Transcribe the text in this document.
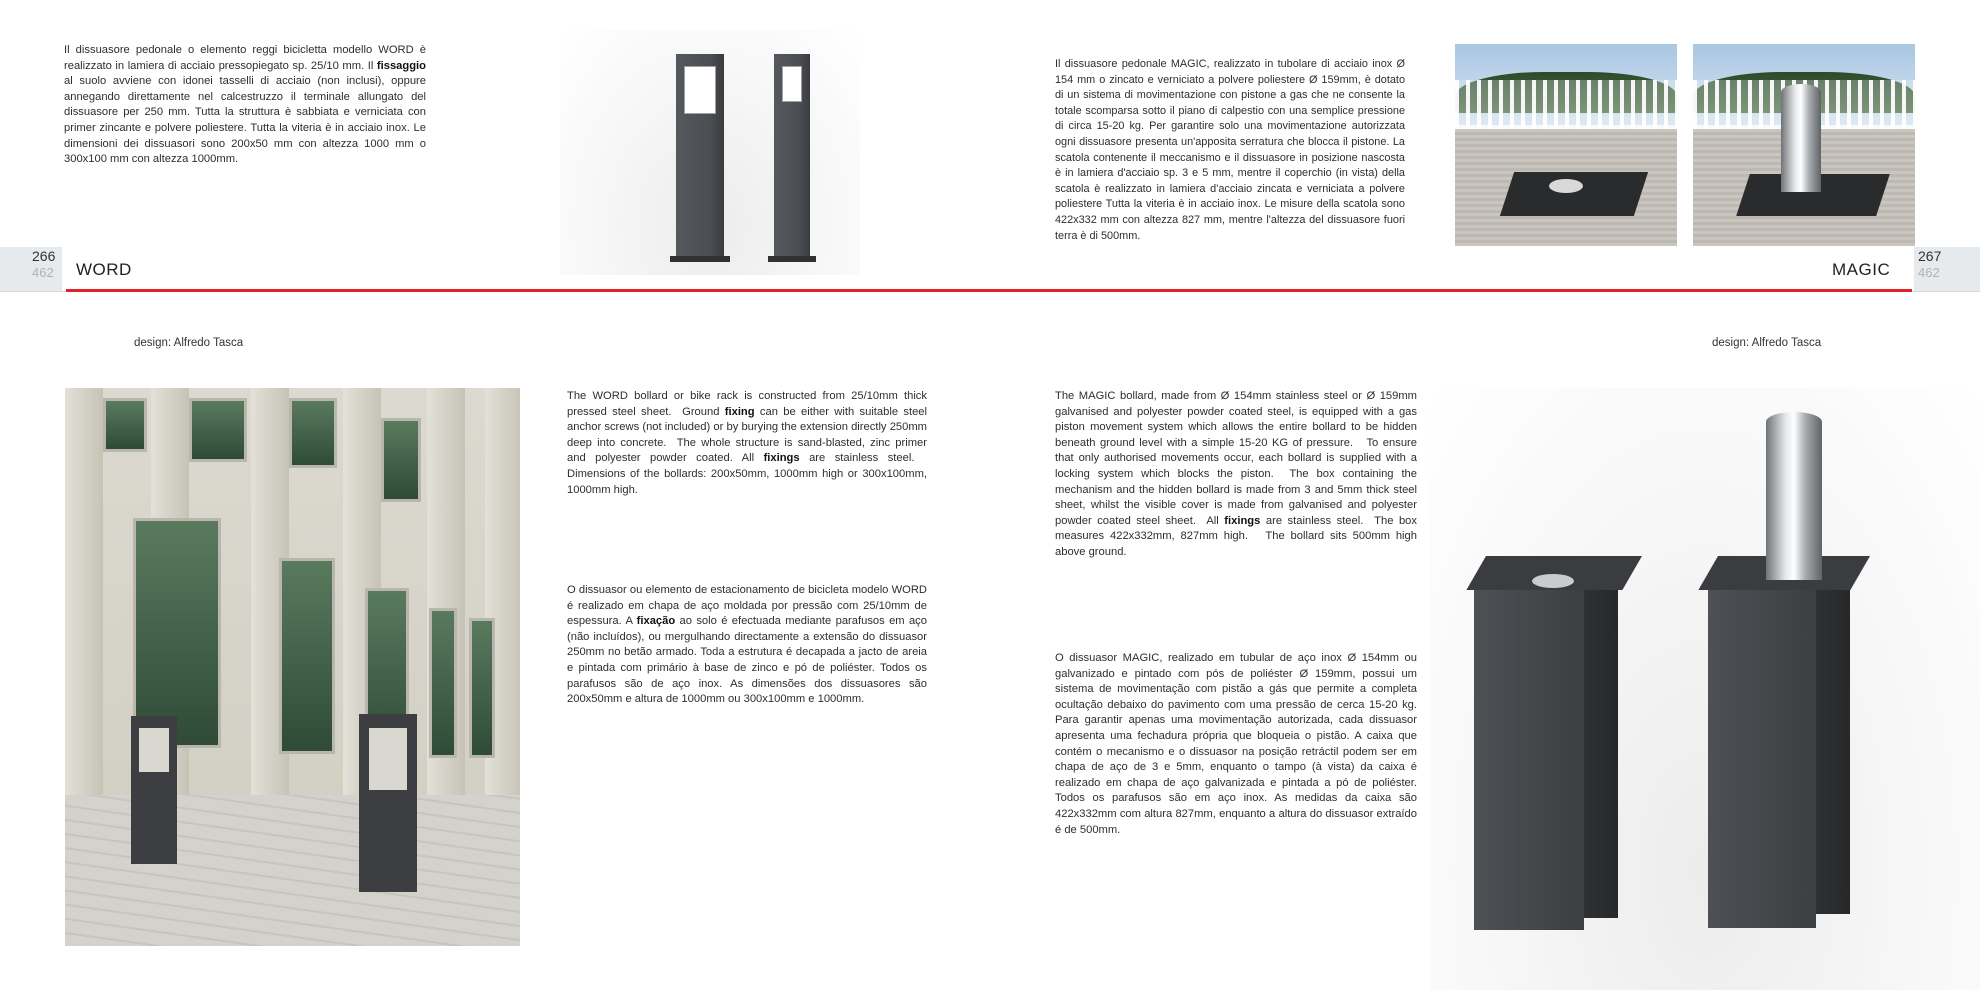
Il dissuasore pedonale o elemento reggi bicicletta modello WORD è realizzato in lamiera di acciaio pressopiegato sp. 25/10 mm. Il fissaggio al suolo avviene con idonei tasselli di acciaio (non inclusi), oppure annegando direttamente nel calcestruzzo il terminale allungato del dissuasore per 250 mm. Tutta la struttura è sabbiata e verniciata con primer zincante e polvere poliestere. Tutta la viteria è in acciaio inox. Le dimensioni dei dissuasori sono 200x50 mm con altezza 1000 mm o 300x100 mm con altezza 1000mm.
266
462 WORD
design: Alfredo Tasca
The WORD bollard or bike rack is constructed from 25/10mm thick pressed steel sheet.  Ground fixing can be either with suitable steel anchor screws (not included) or by burying the extension directly 250mm deep into concrete.  The whole structure is sand-blasted, zinc primer and polyester powder coated. All fixings are stainless steel.   Dimensions of the bollards: 200x50mm, 1000mm high or 300x100mm, 1000mm high.
O dissuasor ou elemento de estacionamento de bicicleta modelo WORD é realizado em chapa de aço moldada por pressão com 25/10mm de espessura. A fixação ao solo é efectuada mediante parafusos em aço (não incluídos), ou mergulhando directamente a extensão do dissuasor 250mm no betão armado. Toda a estrutura é decapada a jacto de areia e pintada com primário à base de zinco e pó de poliéster. Todos os parafusos são de aço inox. As dimensões dos dissuasores são 200x50mm e altura de 1000mm ou 300x100mm e 1000mm.
Il dissuasore pedonale MAGIC, realizzato in tubolare di acciaio inox Ø 154 mm o zincato e verniciato a polvere poliestere Ø 159mm, è dotato di un sistema di movimentazione con pistone a gas che ne consente la totale scomparsa sotto il piano di calpestio con una semplice pressione di circa 15-20 kg. Per garantire solo una movimentazione autorizzata ogni dissuasore presenta un'apposita serratura che blocca il pistone. La scatola contenente il meccanismo e il dissuasore in posizione nascosta è in lamiera d'acciaio sp. 3 e 5 mm, mentre il coperchio (in vista) della scatola è realizzato in lamiera d'acciaio zincata e verniciata a polvere poliestere Tutta la viteria è in acciaio inox. Le misure della scatola sono 422x332 mm con altezza 827 mm, mentre l'altezza del dissuasore fuori terra è di 500mm.
MAGIC
267
462
design: Alfredo Tasca
The MAGIC bollard, made from Ø 154mm stainless steel or Ø 159mm galvanised and polyester powder coated steel, is equipped with a gas piston movement system which allows the entire bollard to be hidden beneath ground level with a simple 15-20 KG of pressure.   To ensure that only authorised movements occur, each bollard is supplied with a locking system which blocks the piston.  The box containing the mechanism and the hidden bollard is made from 3 and 5mm thick steel sheet, whilst the visible cover is made from galvanised and polyester powder coated steel sheet.  All fixings are stainless steel.  The box measures 422x332mm, 827mm high.   The bollard sits 500mm high above ground.
O dissuasor MAGIC, realizado em tubular de aço inox Ø 154mm ou galvanizado e pintado com pós de poliéster Ø 159mm, possui um sistema de movimentação com pistão a gás que permite a completa ocultação debaixo do pavimento com uma pressão de cerca 15-20 kg. Para garantir apenas uma movimentação autorizada, cada dissuasor apresenta uma fechadura própria que bloqueia o pistão. A caixa que contém o mecanismo e o dissuasor na posição retráctil podem ser em chapa de aço de 3 e 5mm, enquanto o tampo (à vista) da caixa é realizado em chapa de aço galvanizada e pintada a pó de poliéster. Todos os parafusos são em aço inox. As medidas da caixa são 422x332mm com altura 827mm, enquanto a altura do dissuasor extraído é de 500mm.
